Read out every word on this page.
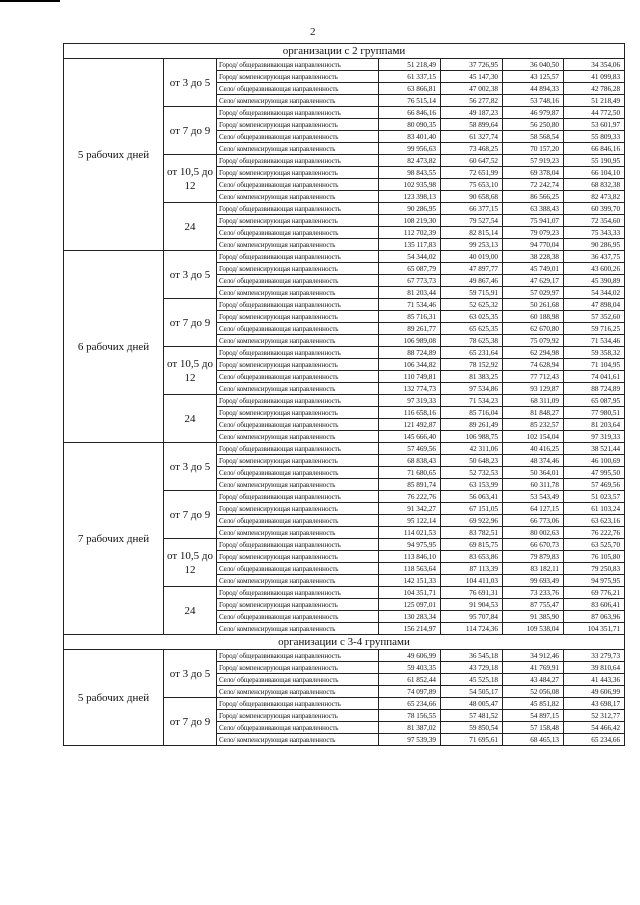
2
организации с 2 группами						
5 рабочих дней	от 3 до 5	Город/ общеразвивающая направленность	51 218,49	37 726,95	36 040,50	34 354,06
		Город/ компенсирующая направленность	61 337,15	45 147,30	43 125,57	41 099,83
		Село/ общеразвивающая направленность	63 866,81	47 002,38	44 894,33	42 786,28
		Село/ компенсирующая направленность	76 515,14	56 277,82	53 748,16	51 218,49
	от 7 до 9	Город/ общеразвивающая направленность	66 846,16	49 187,23	46 979,87	44 772,50
		Город/ компенсирующая направленность	80 090,35	58 899,64	56 250,80	53 601,97
		Село/ общеразвивающая направленность	83 401,40	61 327,74	58 568,54	55 809,33
		Село/ компенсирующая направленность	99 956,63	73 468,25	70 157,20	66 846,16
	от 10,5 до 12	Город/ общеразвивающая направленность	82 473,82	60 647,52	57 919,23	55 190,95
		Город/ компенсирующая направленность	98 843,55	72 651,99	69 378,04	66 104,10
		Село/ общеразвивающая направленность	102 935,98	75 653,10	72 242,74	68 832,38
		Село/ компенсирующая направленность	123 398,13	90 658,68	86 566,25	82 473,82
	24	Город/ общеразвивающая направленность	90 286,95	66 377,15	63 388,43	60 399,70
		Город/ компенсирующая направленность	108 219,30	79 527,54	75 941,07	72 354,60
		Село/ общеразвивающая направленность	112 702,39	82 815,14	79 079,23	75 343,33
		Село/ компенсирующая направленность	135 117,83	99 253,13	94 770,04	90 286,95
6 рабочих дней	от 3 до 5	Город/ общеразвивающая направленность	54 344,02	40 019,00	38 228,38	36 437,75
		Город/ компенсирующая направленность	65 087,79	47 897,77	45 749,01	43 600,26
		Село/ общеразвивающая направленность	67 773,73	49 867,46	47 629,17	45 390,89
		Село/ компенсирующая направленность	81 203,44	59 715,91	57 029,97	54 344,02
	от 7 до 9	Город/ общеразвивающая направленность	71 534,46	52 625,32	50 261,68	47 898,04
		Город/ компенсирующая направленность	85 716,31	63 025,35	60 188,98	57 352,60
		Село/ общеразвивающая направленность	89 261,77	65 625,35	62 670,80	59 716,25
		Село/ компенсирующая направленность	106 989,08	78 625,38	75 079,92	71 534,46
	от 10,5 до 12	Город/ общеразвивающая направленность	88 724,89	65 231,64	62 294,98	59 358,32
		Город/ компенсирующая направленность	106 344,82	78 152,92	74 628,94	71 104,95
		Село/ общеразвивающая направленность	110 749,81	81 383,25	77 712,43	74 041,61
		Село/ компенсирующая направленность	132 774,73	97 534,86	93 129,87	88 724,89
	24	Город/ общеразвивающая направленность	97 319,33	71 534,23	68 311,09	65 087,95
		Город/ компенсирующая направленность	116 658,16	85 716,04	81 848,27	77 980,51
		Село/ общеразвивающая направленность	121 492,87	89 261,49	85 232,57	81 203,64
		Село/ компенсирующая направленность	145 666,40	106 988,75	102 154,04	97 319,33
7 рабочих дней	от 3 до 5	Город/ общеразвивающая направленность	57 469,56	42 311,06	40 416,25	38 521,44
		Город/ компенсирующая направленность	68 838,43	50 648,23	48 374,46	46 100,69
		Село/ общеразвивающая направленность	71 680,65	52 732,53	50 364,01	47 995,50
		Село/ компенсирующая направленность	85 891,74	63 153,99	60 311,78	57 469,56
	от 7 до 9	Город/ общеразвивающая направленность	76 222,76	56 063,41	53 543,49	51 023,57
		Город/ компенсирующая направленность	91 342,27	67 151,05	64 127,15	61 103,24
		Село/ общеразвивающая направленность	95 122,14	69 922,96	66 773,06	63 623,16
		Село/ компенсирующая направленность	114 021,53	83 782,51	80 002,63	76 222,76
	от 10,5 до 12	Город/ общеразвивающая направленность	94 975,95	69 815,75	66 670,73	63 525,70
		Город/ компенсирующая направленность	113 846,10	83 653,86	79 879,83	76 105,80
		Село/ общеразвивающая направленность	118 563,64	87 113,39	83 182,11	79 250,83
		Село/ компенсирующая направленность	142 151,33	104 411,03	99 693,49	94 975,95
	24	Город/ общеразвивающая направленность	104 351,71	76 691,31	73 233,76	69 776,21
		Город/ компенсирующая направленность	125 097,01	91 904,53	87 755,47	83 606,41
		Село/ общеразвивающая направленность	130 283,34	95 707,84	91 385,90	87 063,96
		Село/ компенсирующая направленность	156 214,97	114 724,36	109 538,04	104 351,71
организации с 3-4 группами						
5 рабочих дней	от 3 до 5	Город/ общеразвивающая направленность	49 606,99	36 545,18	34 912,46	33 279,73
		Город/ компенсирующая направленность	59 403,35	43 729,18	41 769,91	39 810,64
		Село/ общеразвивающая направленность	61 852,44	45 525,18	43 484,27	41 443,36
		Село/ компенсирующая направленность	74 097,89	54 505,17	52 056,08	49 606,99
	от 7 до 9	Город/ общеразвивающая направленность	65 234,66	48 005,47	45 851,82	43 698,17
		Город/ компенсирующая направленность	78 156,55	57 481,52	54 897,15	52 312,77
		Село/ общеразвивающая направленность	81 387,02	59 850,54	57 158,48	54 466,42
		Село/ компенсирующая направленность	97 539,39	71 695,61	68 465,13	65 234,66
